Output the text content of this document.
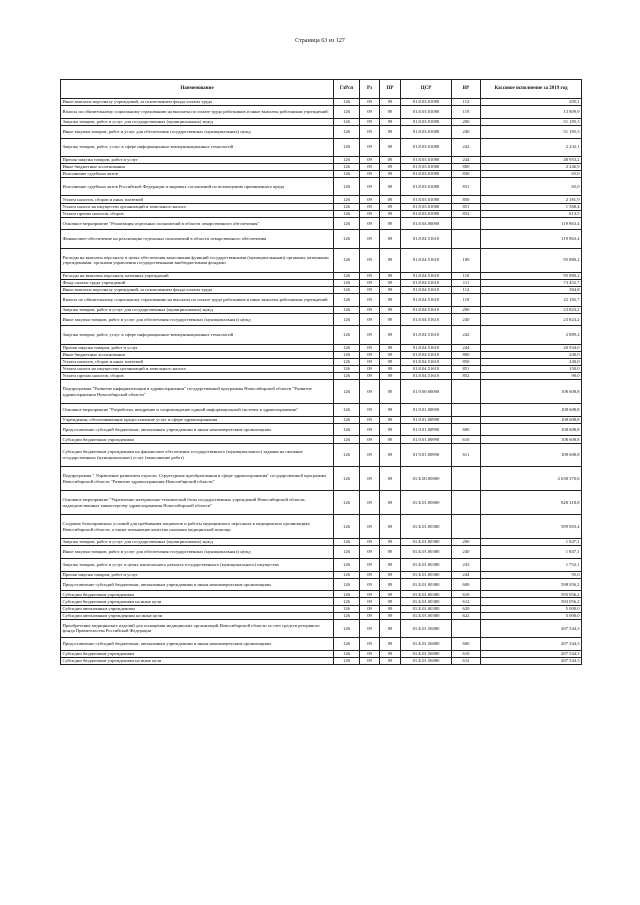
Страница 63 из 127
Наименование	ГлРсп	Рз	ПР	ЦСР	ВР	Кассовое исполнение за 2019 год
Иные выплаты персоналу учреждений, за исключением фонда оплаты труда	126	09	09	01.8.03.01080	112	205,1
Взносы по обязательному социальному страхованию на выплаты по оплате труда работников и иные выплаты работникам учреждений	126	09	09	01.8.03.01080	119	13 809,9
Закупка товаров, работ и услуг для государственных (муниципальных) нужд	126	09	09	01.8.03.01080	200	51 185,3
Иные закупки товаров, работ и услуг для обеспечения государственных (муниципальных) нужд	126	09	09	01.8.03.01080	240	51 185,3
Закупка товаров, работ, услуг в сфере информационно-коммуникационных технологий	126	09	09	01.8.03.01080	242	2 232,1
Прочая закупка товаров, работ и услуг	126	09	09	01.8.03.01080	244	48 953,2
Иные бюджетные ассигнования	126	09	09	01.8.03.01080	800	2 246,9
Исполнение судебных актов	126	09	09	01.8.03.01080	830	65,0
Исполнение судебных актов Российской Федерации и мировых соглашений по возмещению причиненного вреда	126	09	09	01.8.03.01080	831	65,0
Уплата налогов, сборов и иных платежей	126	09	09	01.8.03.01080	850	2 181,9
Уплата налога на имущество организаций и земельного налога	126	09	09	01.8.03.01080	851	1 568,4
Уплата прочих налогов, сборов	126	09	09	01.8.03.01080	852	613,5
Основное мероприятие "Реализация отдельных полномочий в области лекарственного обеспечения"	126	09	09	01.8.04.00000		119 863,4
Финансовое обеспечение на реализацию отдельных полномочий в области лекарственного обеспечения	126	09	09	01.8.04.51610		119 863,4
Расходы на выплаты персоналу в целях обеспечения выполнения функций государственными (муниципальными) органами, казенными учреждениями, органами управления государственными внебюджетными фондами	126	09	09	01.8.04.51610	100	95 880,2
Расходы на выплаты персоналу казенных учреждений	126	09	09	01.8.04.51610	110	95 880,2
Фонд оплаты труда учреждений	126	09	09	01.8.04.51610	111	73 452,7
Иные выплаты персоналу учреждений, за исключением фонда оплаты труда	126	09	09	01.8.04.51610	112	384,8
Взносы по обязательному социальному страхованию на выплаты по оплате труда работников и иные выплаты работникам учреждений	126	09	09	01.8.04.51610	119	22 182,7
Закупка товаров, работ и услуг для государственных (муниципальных) нужд	126	09	09	01.8.04.51610	200	23 823,2
Иные закупки товаров, работ и услуг для обеспечения государственных (муниципальных) нужд	126	09	09	01.8.04.51610	240	23 823,2
Закупка товаров, работ, услуг в сфере информационно-коммуникационных технологий	126	09	09	01.8.04.51610	242	2 889,2
Прочая закупка товаров, работ и услуг	126	09	09	01.8.04.51610	244	20 934,0
Иные бюджетные ассигнования	126	09	09	01.8.04.51610	800	240,0
Уплата налогов, сборов и иных платежей	126	09	09	01.8.04.51610	850	240,0
Уплата налога на имущество организаций и земельного налога	126	09	09	01.8.04.51610	851	150,0
Уплата прочих налогов, сборов	126	09	09	01.8.04.51610	852	90,0
Подпрограмма "Развитие информатизации в здравоохранении" государственной программы Новосибирской области "Развитие здравоохранения Новосибирской области"	126	09	09	01.9.00.00000		108 608,8
Основное мероприятие "Разработка, внедрение и сопровождение единой информационной системы в здравоохранении"	126	09	09	01.9.01.00000		108 608,8
Учреждения, обеспечивающие предоставление услуг в сфере здравоохранения	126	09	09	01.9.01.00990		108 608,8
Предоставление субсидий бюджетным, автономным учреждениям и иным некоммерческим организациям	126	09	09	01.9.01.00990	600	108 608,8
Субсидии бюджетным учреждениям	126	09	09	01.9.01.00990	610	108 608,8
Субсидии бюджетным учреждениям на финансовое обеспечение государственного (муниципального) задания на оказание государственных (муниципальных) услуг (выполнение работ)	126	09	09	01.9.01.00990	611	108 608,8
Подпрограмма " Управление развитием отрасли. Структурные преобразования в сфере здравоохранения" государственной программы Новосибирской области "Развитие здравоохранения Новосибирской области"	126	09	09	01.Б.00.00000		2 638 370,6
Основное мероприятие "Укрепление материально-технической базы государственных учреждений Новосибирской области, подведомственных министерству здравоохранения Новосибирской области"	126	09	09	01.Б.01.00000		828 318,8
Создание благоприятных условий для пребывания пациентов и работы медицинского персонала в медицинских организациях Новосибирской области, а также повышение качества оказания медицинской помощи	126	09	09	01.Б.01.00380		599 903,4
Закупка товаров, работ и услуг для государственных (муниципальных) нужд	126	09	09	01.Б.01.00380	200	1 847,1
Иные закупки товаров, работ и услуг для обеспечения государственных (муниципальных) нужд	126	09	09	01.Б.01.00380	240	1 847,1
Закупка товаров, работ и услуг в целях капитального ремонта государственного (муниципального) имущества	126	09	09	01.Б.01.00380	243	1 752,1
Прочая закупка товаров, работ и услуг	126	09	09	01.Б.01.00380	244	95,0
Предоставление субсидий бюджетным, автономным учреждениям и иным некоммерческим организациям	126	09	09	01.Б.01.00380	600	598 056,2
Субсидии бюджетным учреждениям	126	09	09	01.Б.01.00380	610	593 056,2
Субсидии бюджетным учреждениям на иные цели	126	09	09	01.Б.01.00380	612	593 056,2
Субсидии автономным учреждениям	126	09	09	01.Б.01.00380	620	5 000,0
Субсидии автономным учреждениям на иные цели	126	09	09	01.Б.01.00380	622	5 000,0
Приобретение медицинских изделий для оснащения медицинских организаций Новосибирской области за счет средств резервного фонда Правительства Российской Федерации	126	09	09	01.Б.01.56080		207 544,3
Предоставление субсидий бюджетным, автономным учреждениям и иным некоммерческим организациям	126	09	09	01.Б.01.56080	600	207 544,3
Субсидии бюджетным учреждениям	126	09	09	01.Б.01.56080	610	207 544,3
Субсидии бюджетным учреждениям на иные цели	126	09	09	01.Б.01.56080	612	207 544,3
